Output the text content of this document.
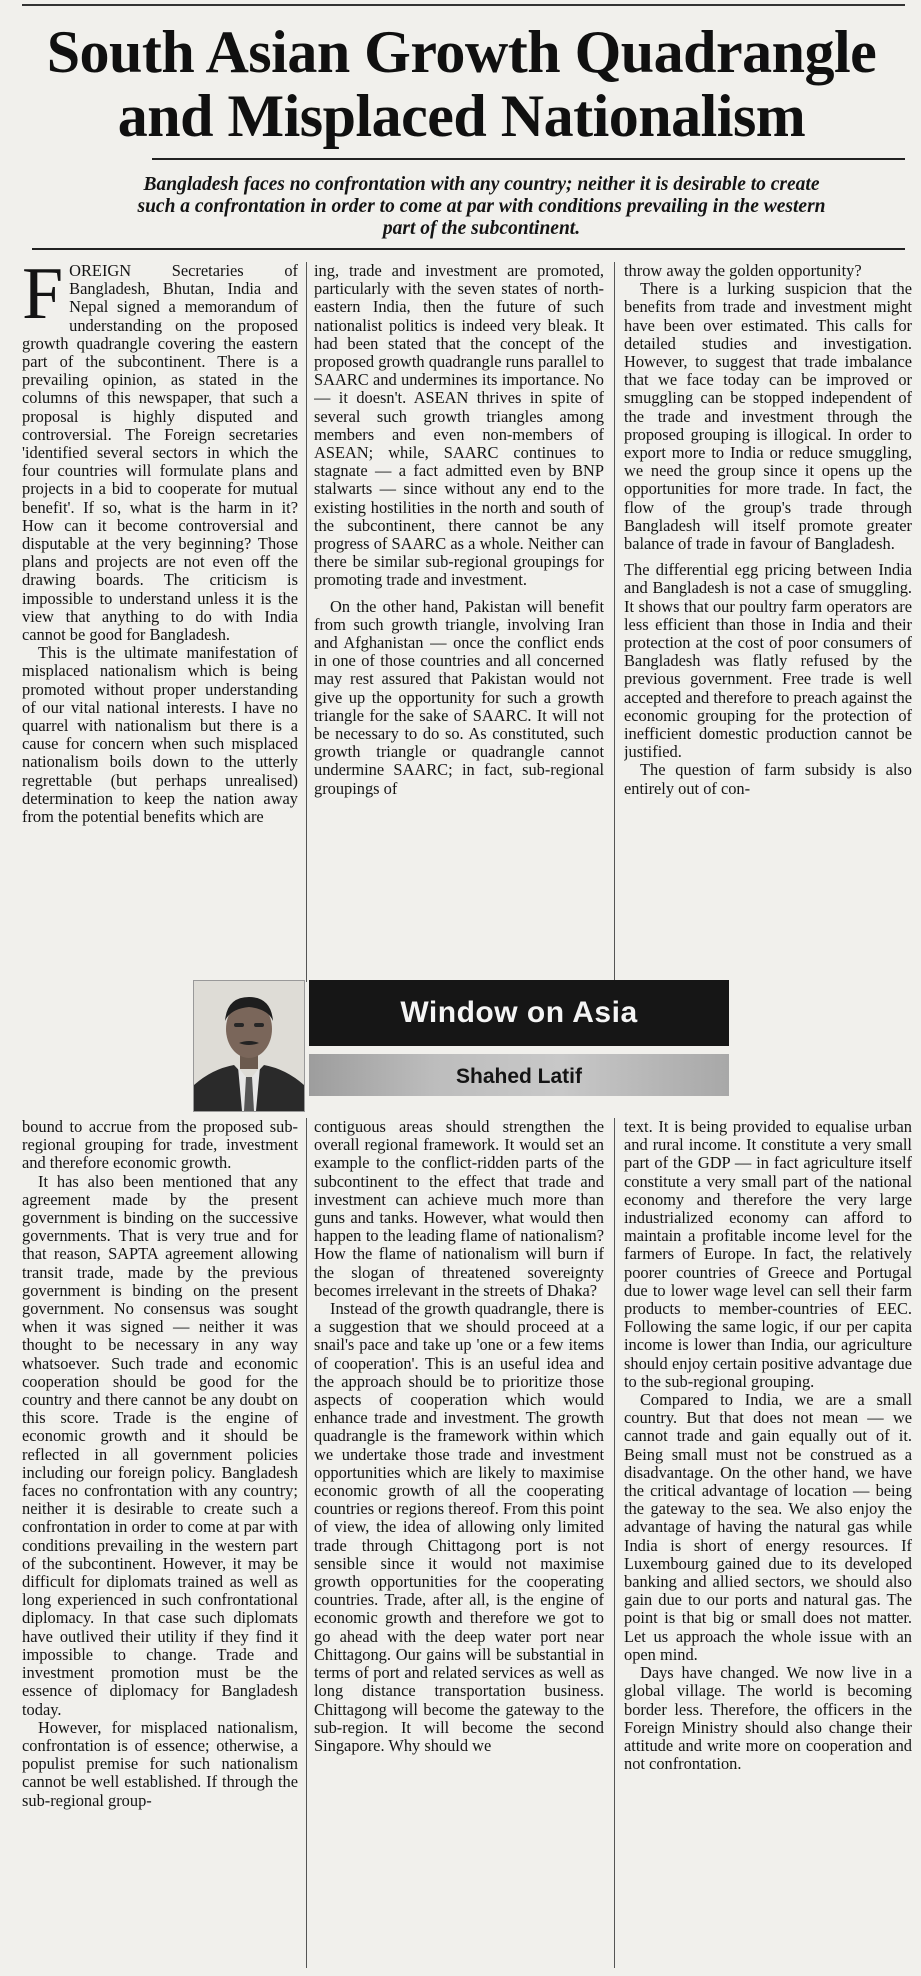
South Asian Growth Quadrangle
and Misplaced Nationalism
Bangladesh faces no confrontation with any country; neither it is desirable to create such a confrontation in order to come at par with conditions prevailing in the western part of the subcontinent.

FOREIGN Secretaries of Bangladesh, Bhutan, India and Nepal signed a memorandum of understanding on the proposed growth quadrangle covering the eastern part of the subcontinent. There is a prevailing opinion, as stated in the columns of this newspaper, that such a proposal is highly disputed and controversial. The Foreign secretaries 'identified several sectors in which the four countries will formulate plans and projects in a bid to cooperate for mutual benefit'. If so, what is the harm in it? How can it become controversial and disputable at the very beginning? Those plans and projects are not even off the drawing boards. The criticism is impossible to understand unless it is the view that anything to do with India cannot be good for Bangladesh.

This is the ultimate manifestation of misplaced nationalism which is being promoted without proper understanding of our vital national interests. I have no quarrel with nationalism but there is a cause for concern when such misplaced nationalism boils down to the utterly regrettable (but perhaps unrealised) determination to keep the nation away from the potential benefits which are

ing, trade and investment are promoted, particularly with the seven states of north-eastern India, then the future of such nationalist politics is indeed very bleak. It had been stated that the concept of the proposed growth quadrangle runs parallel to SAARC and undermines its importance. No — it doesn't. ASEAN thrives in spite of several such growth triangles among members and even non-members of ASEAN; while, SAARC continues to stagnate — a fact admitted even by BNP stalwarts — since without any end to the existing hostilities in the north and south of the subcontinent, there cannot be any progress of SAARC as a whole. Neither can there be similar sub-regional groupings for promoting trade and investment.

On the other hand, Pakistan will benefit from such growth triangle, involving Iran and Afghanistan — once the conflict ends in one of those countries and all concerned may rest assured that Pakistan would not give up the opportunity for such a growth triangle for the sake of SAARC. It will not be necessary to do so. As constituted, such growth triangle or quadrangle cannot undermine SAARC; in fact, sub-regional groupings of

throw away the golden opportunity?

There is a lurking suspicion that the benefits from trade and investment might have been over estimated. This calls for detailed studies and investigation. However, to suggest that trade imbalance that we face today can be improved or smuggling can be stopped independent of the trade and investment through the proposed grouping is illogical. In order to export more to India or reduce smuggling, we need the group since it opens up the opportunities for more trade. In fact, the flow of the group's trade through Bangladesh will itself promote greater balance of trade in favour of Bangladesh.

The differential egg pricing between India and Bangladesh is not a case of smuggling. It shows that our poultry farm operators are less efficient than those in India and their protection at the cost of poor consumers of Bangladesh was flatly refused by the previous government. Free trade is well accepted and therefore to preach against the economic grouping for the protection of inefficient domestic production cannot be justified.

The question of farm subsidy is also entirely out of con-

Window on Asia
Shahed Latif

bound to accrue from the proposed sub-regional grouping for trade, investment and therefore economic growth.

It has also been mentioned that any agreement made by the present government is binding on the successive governments. That is very true and for that reason, SAPTA agreement allowing transit trade, made by the previous government is binding on the present government. No consensus was sought when it was signed — neither it was thought to be necessary in any way whatsoever. Such trade and economic cooperation should be good for the country and there cannot be any doubt on this score. Trade is the engine of economic growth and it should be reflected in all government policies including our foreign policy. Bangladesh faces no confrontation with any country; neither it is desirable to create such a confrontation in order to come at par with conditions prevailing in the western part of the subcontinent. However, it may be difficult for diplomats trained as well as long experienced in such confrontational diplomacy. In that case such diplomats have outlived their utility if they find it impossible to change. Trade and investment promotion must be the essence of diplomacy for Bangladesh today.

However, for misplaced nationalism, confrontation is of essence; otherwise, a populist premise for such nationalism cannot be well established. If through the sub-regional group-

contiguous areas should strengthen the overall regional framework. It would set an example to the conflict-ridden parts of the subcontinent to the effect that trade and investment can achieve much more than guns and tanks. However, what would then happen to the leading flame of nationalism? How the flame of nationalism will burn if the slogan of threatened sovereignty becomes irrelevant in the streets of Dhaka?

Instead of the growth quadrangle, there is a suggestion that we should proceed at a snail's pace and take up 'one or a few items of cooperation'. This is an useful idea and the approach should be to prioritize those aspects of cooperation which would enhance trade and investment. The growth quadrangle is the framework within which we undertake those trade and investment opportunities which are likely to maximise economic growth of all the cooperating countries or regions thereof. From this point of view, the idea of allowing only limited trade through Chittagong port is not sensible since it would not maximise growth opportunities for the cooperating countries. Trade, after all, is the engine of economic growth and therefore we got to go ahead with the deep water port near Chittagong. Our gains will be substantial in terms of port and related services as well as long distance transportation business. Chittagong will become the gateway to the sub-region. It will become the second Singapore. Why should we

text. It is being provided to equalise urban and rural income. It constitute a very small part of the GDP — in fact agriculture itself constitute a very small part of the national economy and therefore the very large industrialized economy can afford to maintain a profitable income level for the farmers of Europe. In fact, the relatively poorer countries of Greece and Portugal due to lower wage level can sell their farm products to member-countries of EEC. Following the same logic, if our per capita income is lower than India, our agriculture should enjoy certain positive advantage due to the sub-regional grouping.

Compared to India, we are a small country. But that does not mean — we cannot trade and gain equally out of it. Being small must not be construed as a disadvantage. On the other hand, we have the critical advantage of location — being the gateway to the sea. We also enjoy the advantage of having the natural gas while India is short of energy resources. If Luxembourg gained due to its developed banking and allied sectors, we should also gain due to our ports and natural gas. The point is that big or small does not matter. Let us approach the whole issue with an open mind.

Days have changed. We now live in a global village. The world is becoming border less. Therefore, the officers in the Foreign Ministry should also change their attitude and write more on cooperation and not confrontation.
